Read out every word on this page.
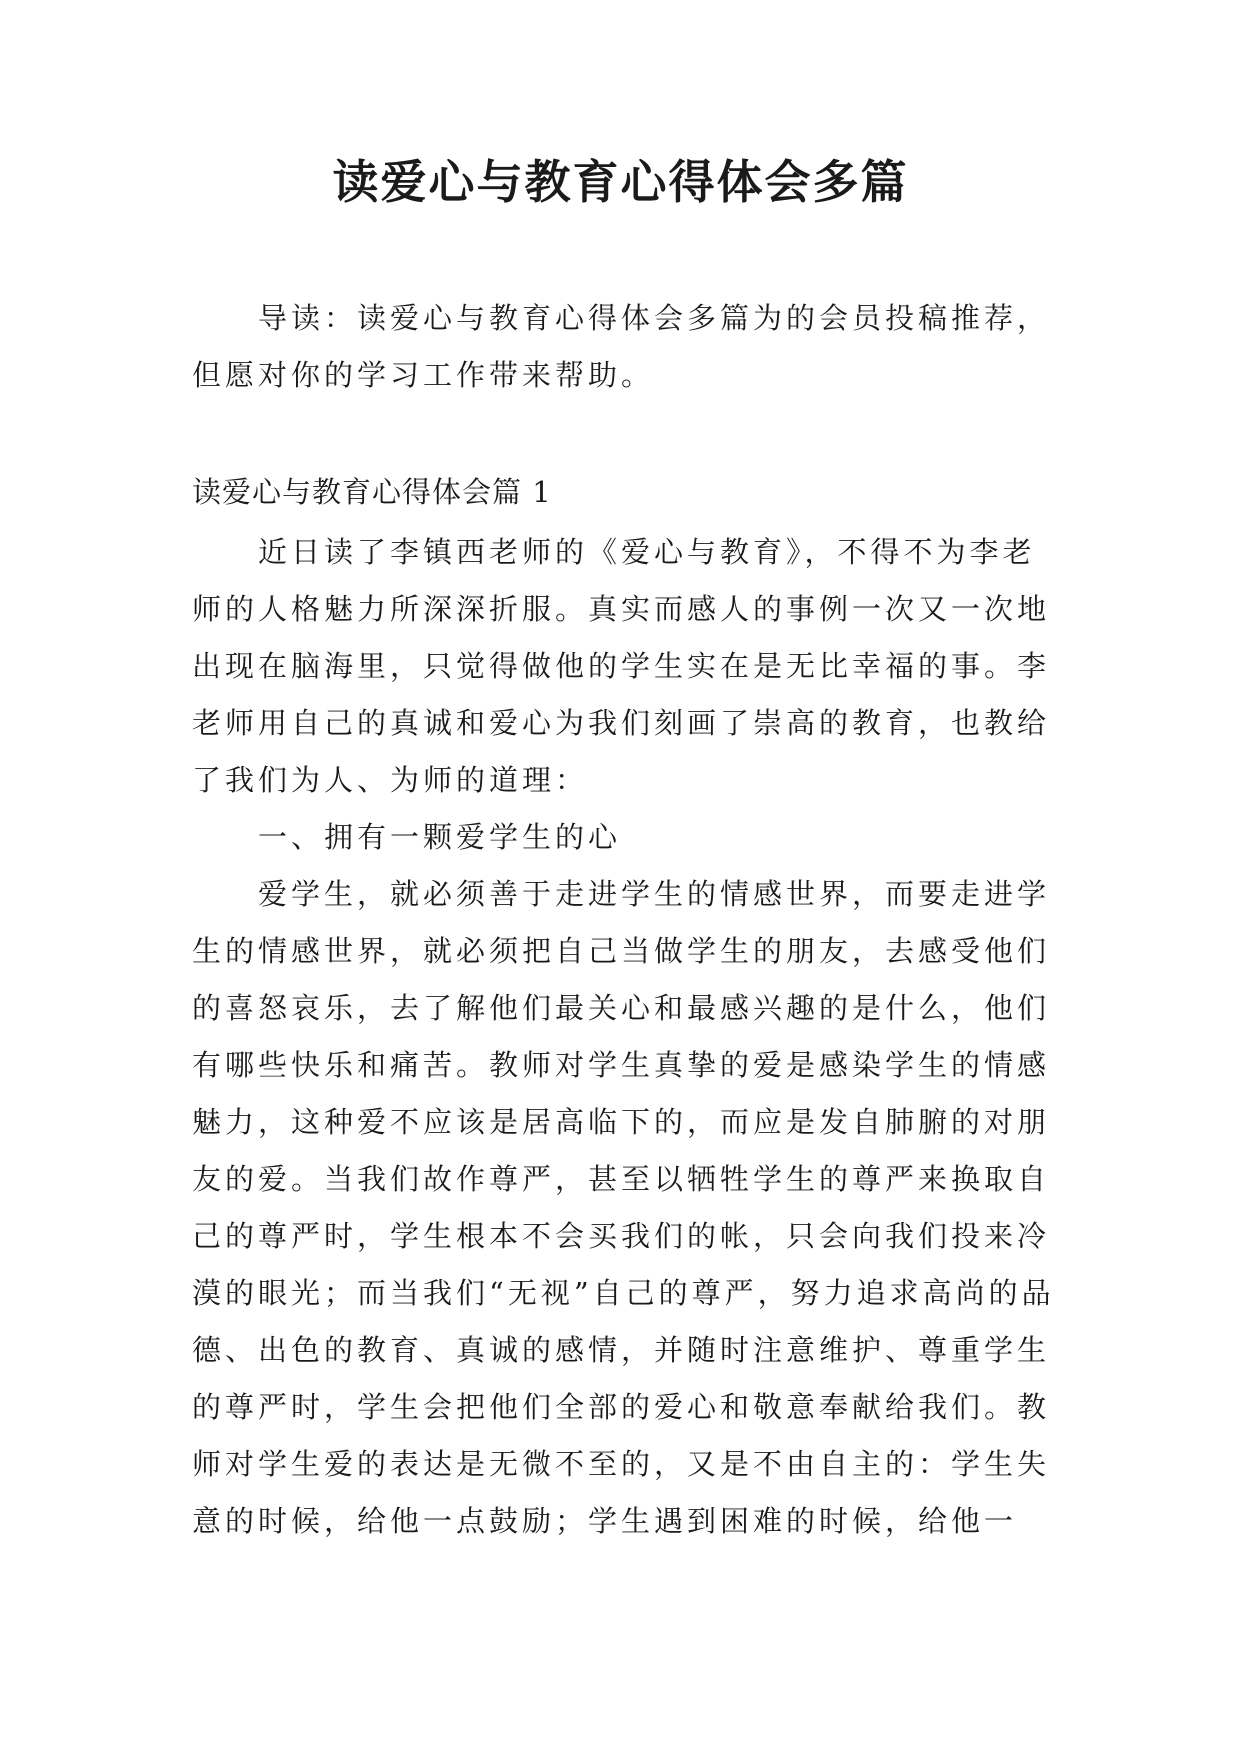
读爱心与教育心得体会多篇

导读：读爱心与教育心得体会多篇为的会员投稿推荐，但愿对你的学习工作带来帮助。

读爱心与教育心得体会篇 1

近日读了李镇西老师的《爱心与教育》，不得不为李老师的人格魅力所深深折服。真实而感人的事例一次又一次地出现在脑海里，只觉得做他的学生实在是无比幸福的事。李老师用自己的真诚和爱心为我们刻画了崇高的教育，也教给了我们为人、为师的道理：

一、拥有一颗爱学生的心

爱学生，就必须善于走进学生的情感世界，而要走进学生的情感世界，就必须把自己当做学生的朋友，去感受他们的喜怒哀乐，去了解他们最关心和最感兴趣的是什么，他们有哪些快乐和痛苦。教师对学生真挚的爱是感染学生的情感魅力，这种爱不应该是居高临下的，而应是发自肺腑的对朋友的爱。当我们故作尊严，甚至以牺牲学生的尊严来换取自己的尊严时，学生根本不会买我们的帐，只会向我们投来冷漠的眼光；而当我们“无视”自己的尊严，努力追求高尚的品德、出色的教育、真诚的感情，并随时注意维护、尊重学生的尊严时，学生会把他们全部的爱心和敬意奉献给我们。教师对学生爱的表达是无微不至的，又是不由自主的：学生失意的时候，给他一点鼓励；学生遇到困难的时候，给他一
